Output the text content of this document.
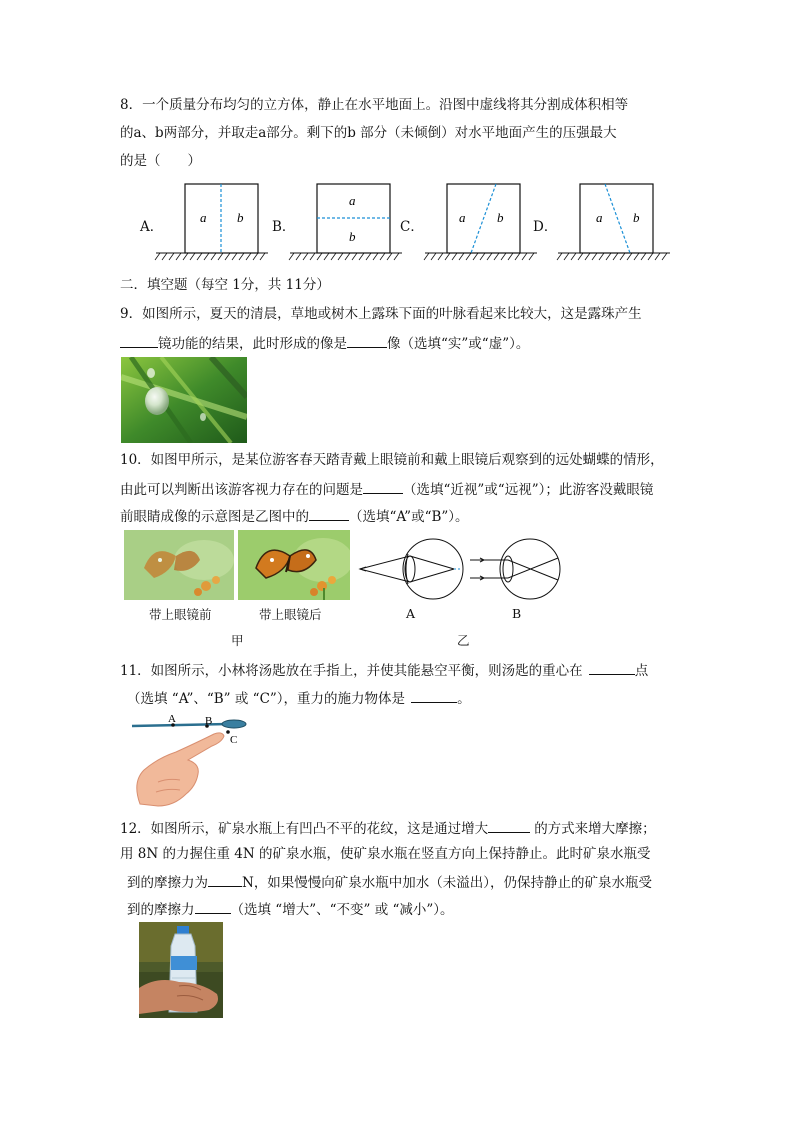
8．一个质量分布均匀的立方体，静止在水平地面上。沿图中虚线将其分割成体积相等
的a、b两部分，并取走a部分。剩下的b 部分（未倾倒）对水平地面产生的压强最大
的是（　　）
A．	B．	C．	D．
a b
a
b
a b	a b
二．填空题（每空 1分，共 11分）
9．如图所示，夏天的清晨，草地或树木上露珠下面的叶脉看起来比较大，这是露珠产生
镜功能的结果，此时形成的像是	像（选填“实”或“虚”）。
10．如图甲所示，是某位游客春天踏青戴上眼镜前和戴上眼镜后观察到的远处蝴蝶的情形，
由此可以判断出该游客视力存在的问题是	（选填“近视”或“远视”）；此游客没戴眼镜
前眼睛成像的示意图是乙图中的	（选填“A”或“B”）。
带上眼镜前	带上眼镜后
甲	乙
A	B
11．如图所示，小林将汤匙放在手指上，并使其能悬空平衡，则汤匙的重心在	点
（选填 “A”、“B” 或 “C”），重力的施力物体是	。
A	B
C
12．如图所示，矿泉水瓶上有凹凸不平的花纹，这是通过增大	的方式来增大摩擦；
用 8N 的力握住重 4N 的矿泉水瓶，使矿泉水瓶在竖直方向上保持静止。此时矿泉水瓶受
到的摩擦力为	N，如果慢慢向矿泉水瓶中加水（未溢出），仍保持静止的矿泉水瓶受
到的摩擦力	（选填 “增大”、“不变” 或 “减小”）。
